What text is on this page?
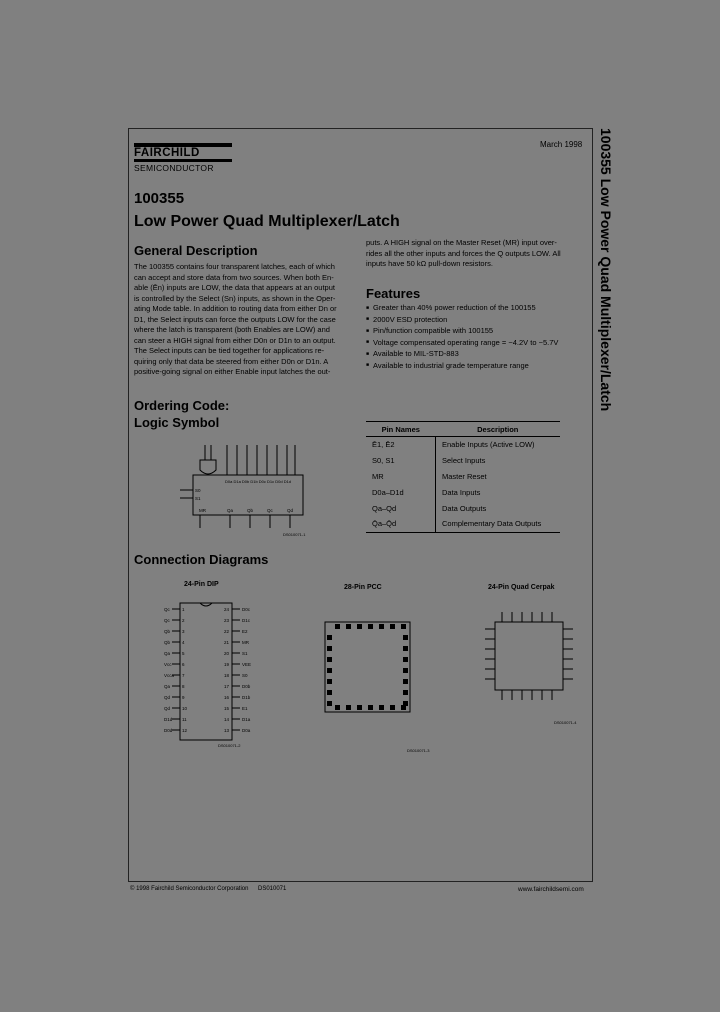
FAIRCHILD
SEMICONDUCTOR
March 1998
100355
Low Power Quad Multiplexer/Latch	100355 Low Power Quad Multiplexer/Latch
General Description
The 100355 contains four transparent latches, each of which
can accept and store data from two sources. When both En-
able (Ēn) inputs are LOW, the data that appears at an output
is controlled by the Select (Sn) inputs, as shown in the Oper-
ating Mode table. In addition to routing data from either Dn or
D1, the Select inputs can force the outputs LOW for the case
where the latch is transparent (both Enables are LOW) and
can steer a HIGH signal from either D0n or D1n to an output.
The Select inputs can be tied together for applications re-
quiring only that data be steered from either D0n or D1n. A
positive-going signal on either Enable input latches the out-
puts. A HIGH signal on the Master Reset (MR) input over-
rides all the other inputs and forces the Q outputs LOW. All
inputs have 50 kΩ pull-down resistors.
Features
■ Greater than 40% power reduction of the 100155
■ 2000V ESD protection
■ Pin/function compatible with 100155
■ Voltage compensated operating range = −4.2V to −5.7V
■ Available to MIL-STD-883
■ Available to industrial grade temperature range
Ordering Code:
Logic Symbol
D0a D1a D0b D1b D0c D1c D0d D1d
S0
S1
MR	Qa	Qb	Qc	Qd
DS010071-1
Pin Names	Description
Ē1, Ē2	Enable Inputs (Active LOW)
S0, S1	Select Inputs
MR	Master Reset
D0a–D1d	Data Inputs
Qa–Qd	Data Outputs
Q̄a–Q̄d	Complementary Data Outputs
Connection Diagrams
24-Pin DIP
Qc	1
Qc	2
Qb	3
Qb	4
Qa	5
Vcc 6
Vcca 7
Qa	8
Qd	9
Qd	10
D1d 11
D0d 12
24	D0c
23	D1c
22	E2
21	MR
20	S1
19	VEE
18	S0
17	D0b
16	D1b
15	E1
14	D1a
13	D0a
DS010071-2
28-Pin PCC
DS010071-3
24-Pin Quad Cerpak
DS010071-4
© 1998 Fairchild Semiconductor Corporation DS010071	www.fairchildsemi.com
